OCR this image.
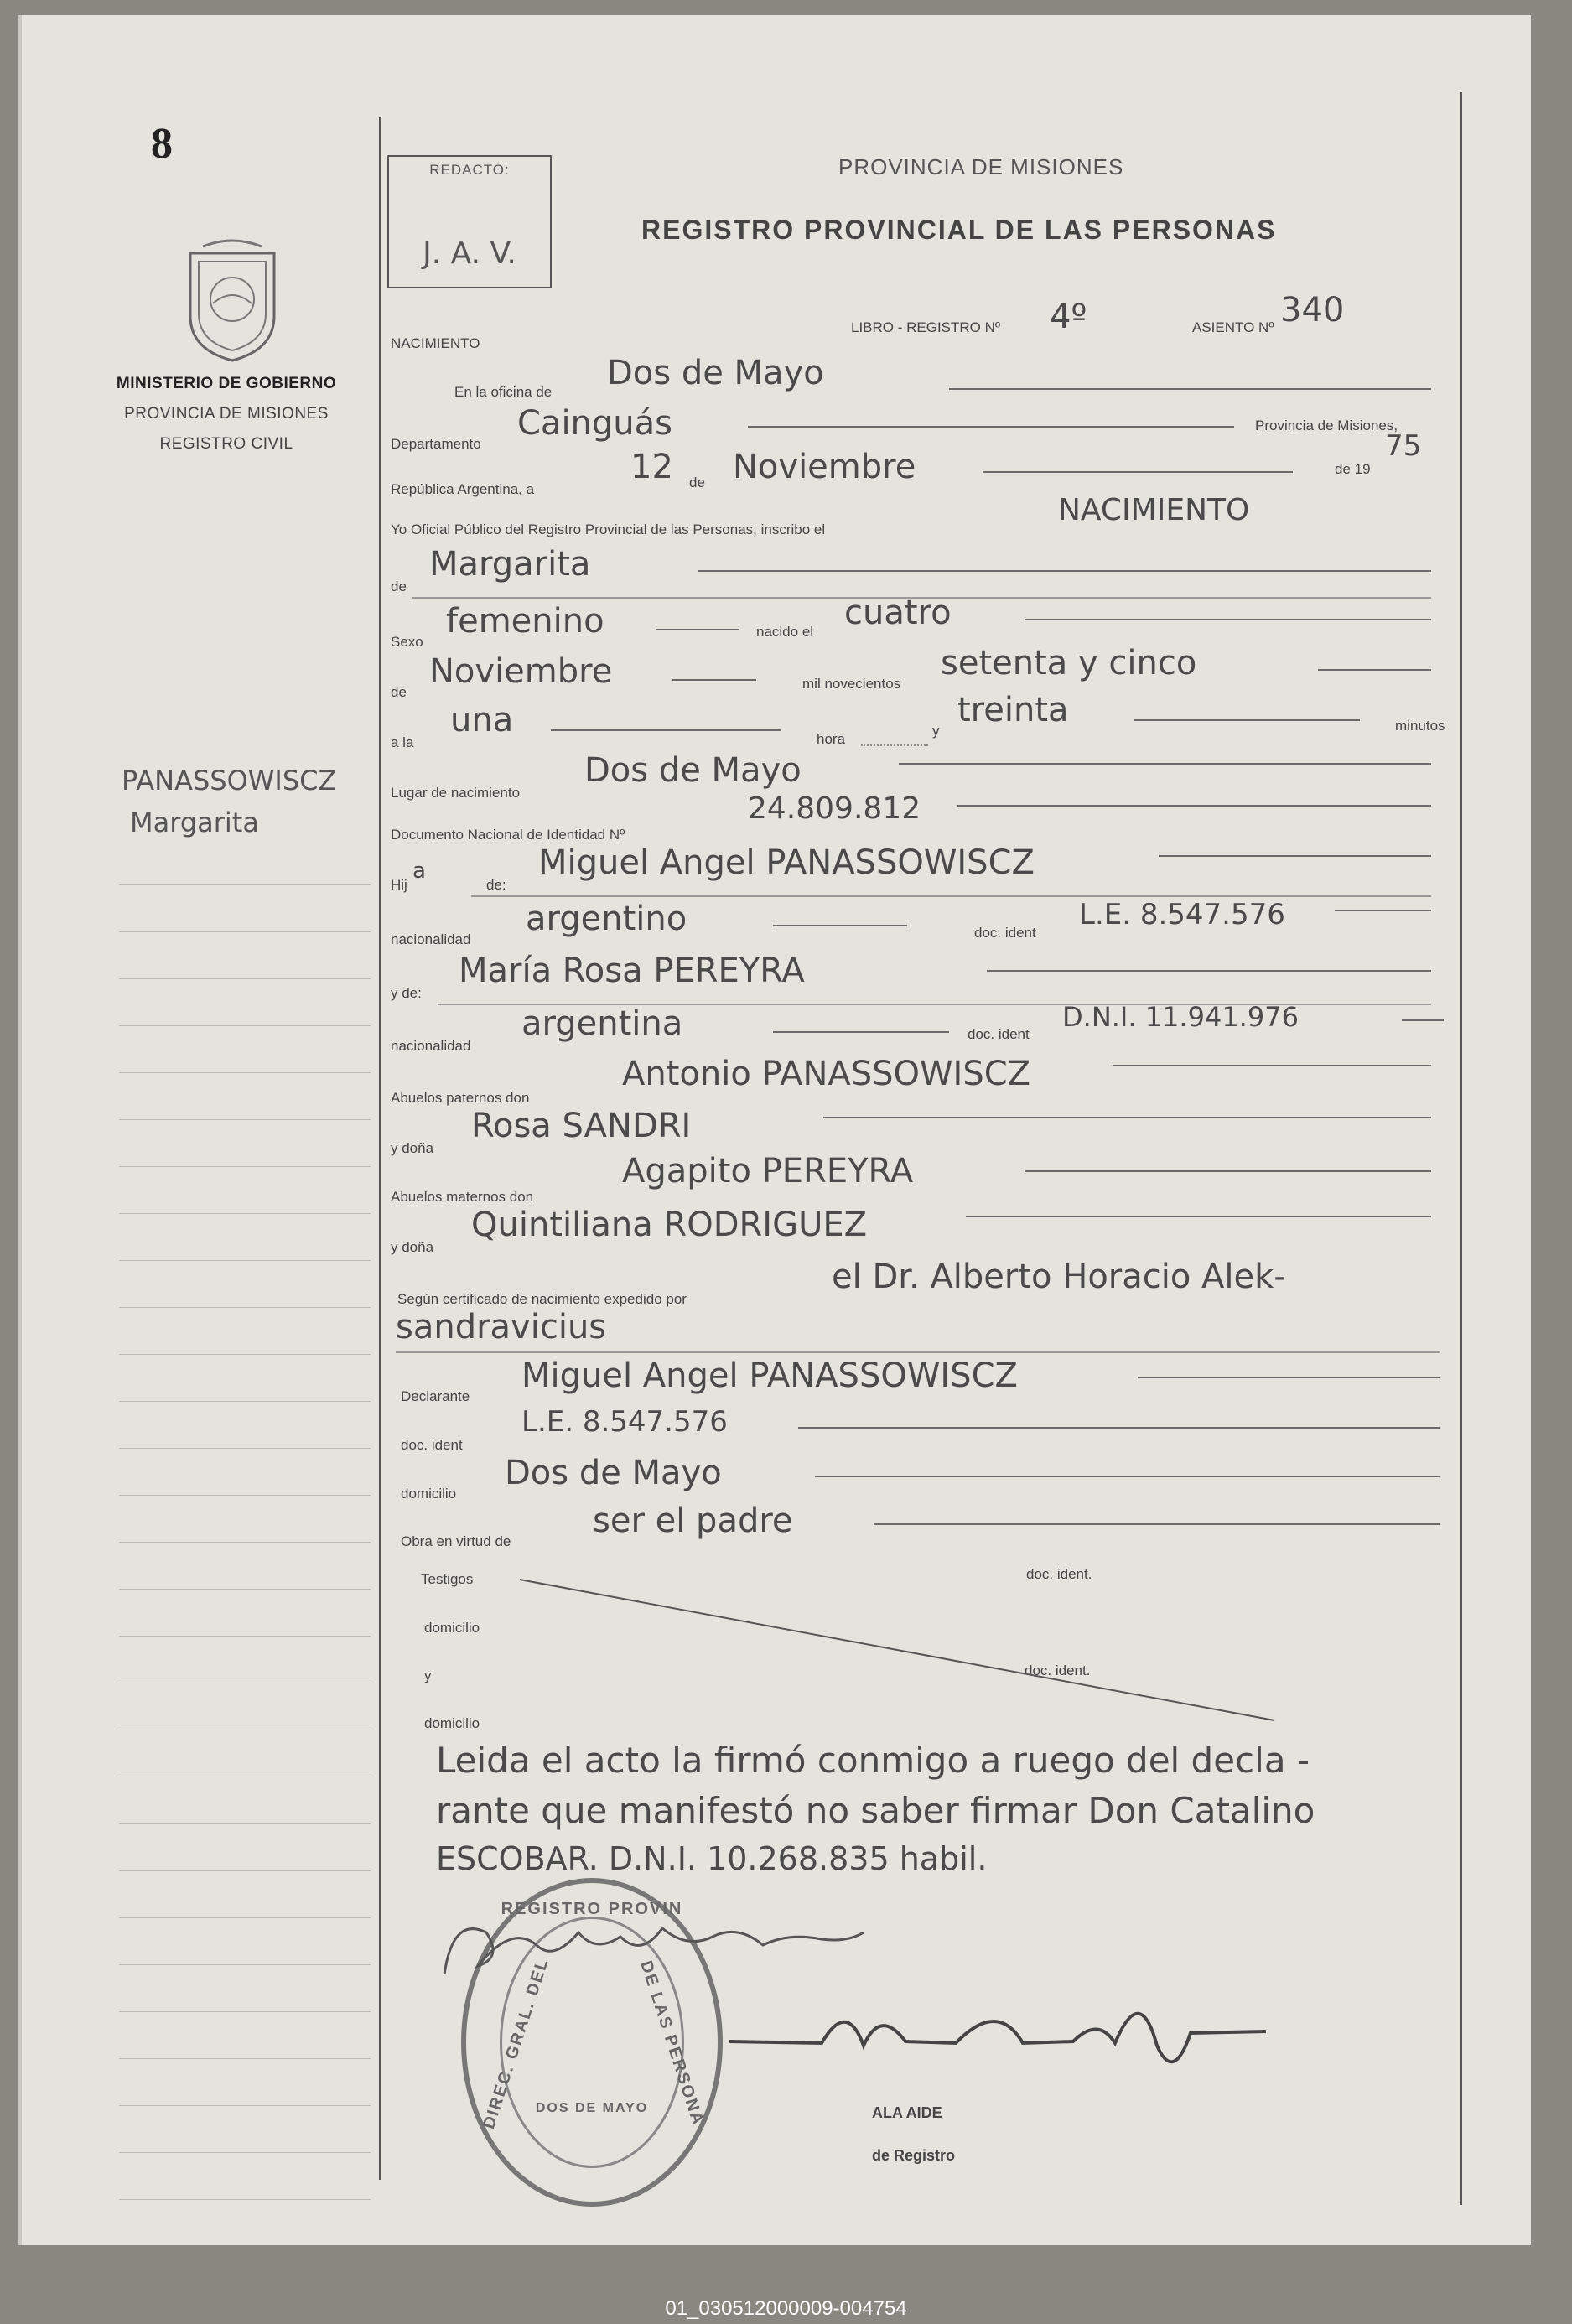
8
MINISTERIO DE GOBIERNO
PROVINCIA DE MISIONES
REGISTRO CIVIL
PANASSOWISCZ
Margarita
REDACTO:
J. A. V.
PROVINCIA DE MISIONES
REGISTRO PROVINCIAL DE LAS PERSONAS
LIBRO - REGISTRO Nº 4º	ASIENTO Nº 340
NACIMIENTO
En la oficina de Dos de Mayo
Departamento
Cainguás	Provincia de Misiones,
República Argentina, a
12 de Noviembre	de 19
75
Yo Oficial Público del Registro Provincial de las Personas, inscribo el
NACIMIENTO
de
Margarita
Sexo
femenino	nacido el cuatro
de
Noviembre	mil novecientos
setenta y cinco
a la
una	hora
y
treinta	minutos
Lugar de nacimiento
Dos de Mayo
Documento Nacional de Identidad Nº
24.809.812
Hij
a
de:
Miguel Angel PANASSOWISCZ
nacionalidad
argentino	doc. ident
L.E. 8.547.576
y de:
María Rosa PEREYRA
nacionalidad
argentina	doc. ident
D.N.I. 11.941.976
Abuelos paternos don
Antonio PANASSOWISCZ
y doña
Rosa SANDRI
Abuelos maternos don
Agapito PEREYRA
y doña
Quintiliana RODRIGUEZ
Según certificado de nacimiento expedido por
el Dr. Alberto Horacio Alek-
sandravicius
Declarante
Miguel Angel PANASSOWISCZ
doc. ident
L.E. 8.547.576
domicilio
Dos de Mayo
Obra en virtud de
ser el padre
Testigos	doc. ident.
domicilio
y	doc. ident.
domicilio
Leida el acto la firmó conmigo a ruego del decla -
rante que manifestó no saber firmar Don Catalino
ESCOBAR. D.N.I. 10.268.835 habil.
REGISTRO PROVIN
DIREC. GRAL. DEL	DE LAS PERSONA
DOS DE MAYO	ALA AIDE
de Registro
01_030512000009-004754
